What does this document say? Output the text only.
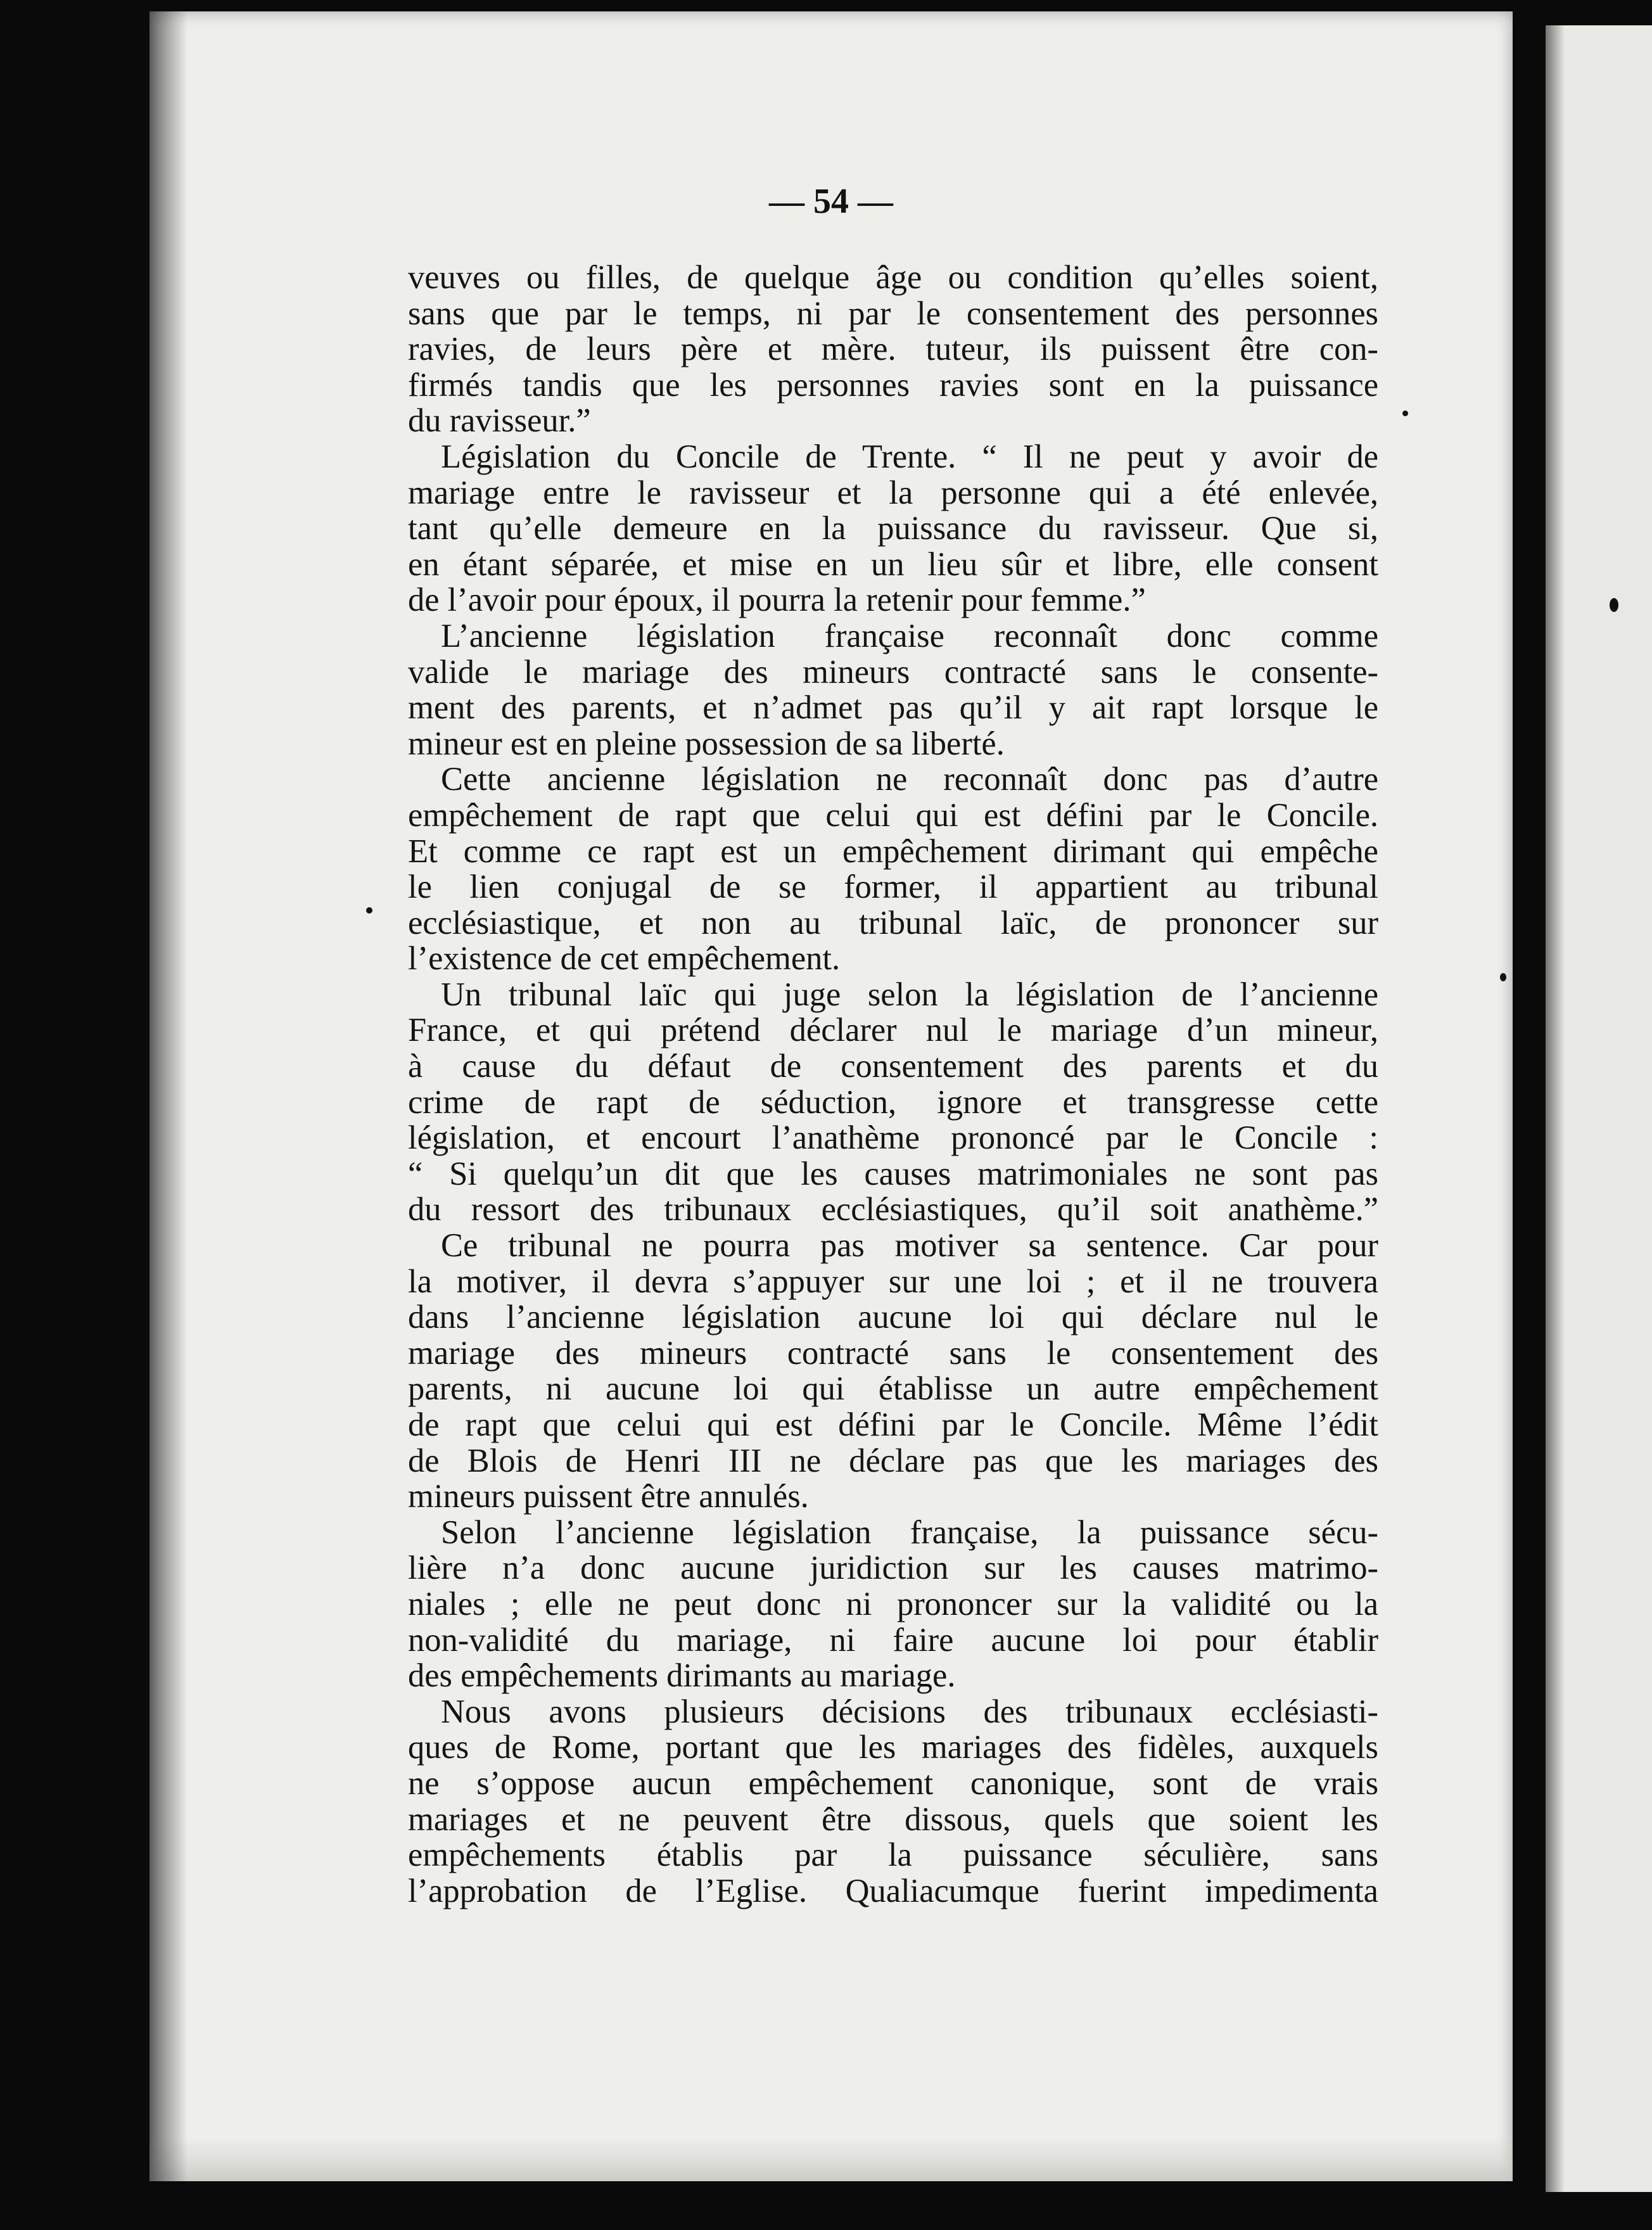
— 54 —
veuves ou filles, de quelque âge ou condition qu’elles soient,
sans que par le temps, ni par le consentement des personnes
ravies, de leurs père et mère. tuteur, ils puissent être con-
firmés tandis que les personnes ravies sont en la puissance
du ravisseur.”
Législation du Concile de Trente. “ Il ne peut y avoir de
mariage entre le ravisseur et la personne qui a été enlevée,
tant qu’elle demeure en la puissance du ravisseur. Que si,
en étant séparée, et mise en un lieu sûr et libre, elle consent
de l’avoir pour époux, il pourra la retenir pour femme.”
L’ancienne législation française reconnaît donc comme
valide le mariage des mineurs contracté sans le consente-
ment des parents, et n’admet pas qu’il y ait rapt lorsque le
mineur est en pleine possession de sa liberté.
Cette ancienne législation ne reconnaît donc pas d’autre
empêchement de rapt que celui qui est défini par le Concile.
Et comme ce rapt est un empêchement dirimant qui empêche
le lien conjugal de se former, il appartient au tribunal
ecclésiastique, et non au tribunal laïc, de prononcer sur
l’existence de cet empêchement.
Un tribunal laïc qui juge selon la législation de l’ancienne
France, et qui prétend déclarer nul le mariage d’un mineur,
à cause du défaut de consentement des parents et du
crime de rapt de séduction, ignore et transgresse cette
législation, et encourt l’anathème prononcé par le Concile :
“ Si quelqu’un dit que les causes matrimoniales ne sont pas
du ressort des tribunaux ecclésiastiques, qu’il soit anathème.”
Ce tribunal ne pourra pas motiver sa sentence. Car pour
la motiver, il devra s’appuyer sur une loi ; et il ne trouvera
dans l’ancienne législation aucune loi qui déclare nul le
mariage des mineurs contracté sans le consentement des
parents, ni aucune loi qui établisse un autre empêchement
de rapt que celui qui est défini par le Concile. Même l’édit
de Blois de Henri III ne déclare pas que les mariages des
mineurs puissent être annulés.
Selon l’ancienne législation française, la puissance sécu-
lière n’a donc aucune juridiction sur les causes matrimo-
niales ; elle ne peut donc ni prononcer sur la validité ou la
non-validité du mariage, ni faire aucune loi pour établir
des empêchements dirimants au mariage.
Nous avons plusieurs décisions des tribunaux ecclésiasti-
ques de Rome, portant que les mariages des fidèles, auxquels
ne s’oppose aucun empêchement canonique, sont de vrais
mariages et ne peuvent être dissous, quels que soient les
empêchements établis par la puissance séculière, sans
l’approbation de l’Eglise. Qualiacumque fuerint impedimenta
